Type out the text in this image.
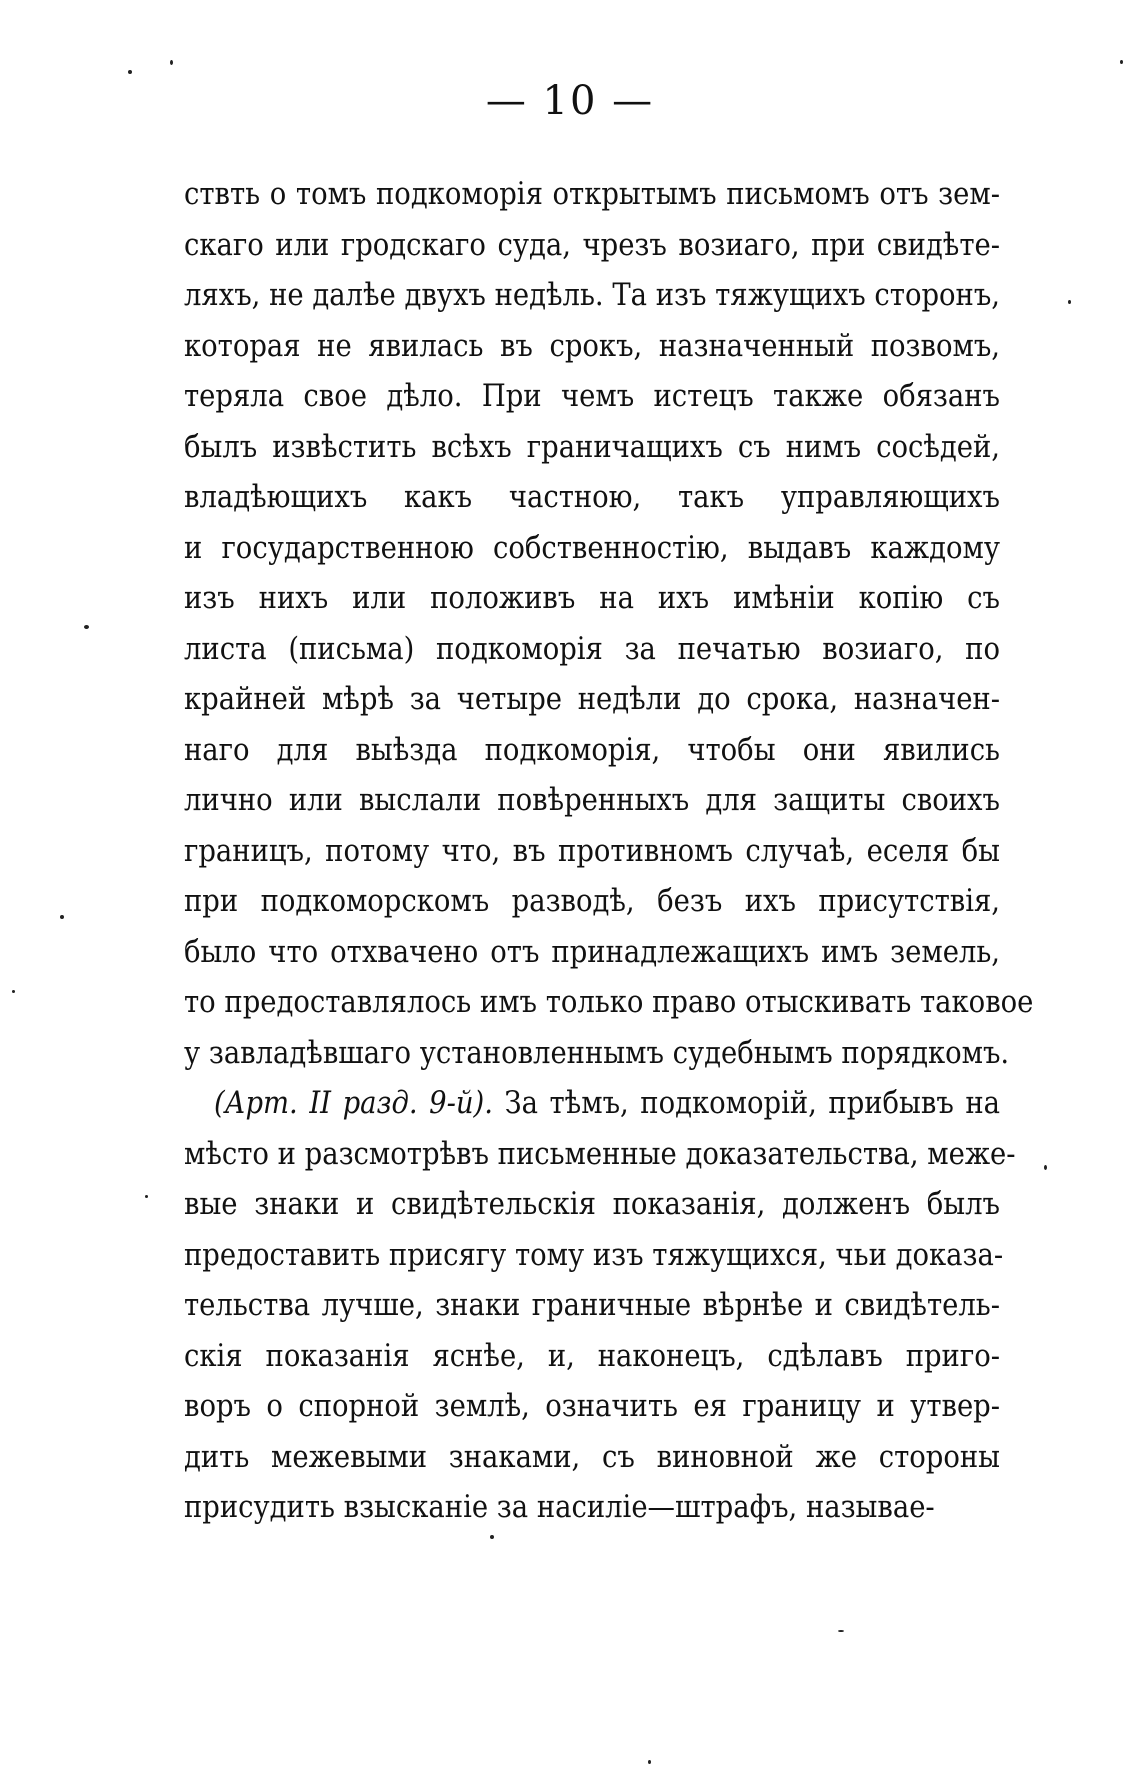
— 10 —
ствть о томъ подкоморія открытымъ письмомъ отъ зем-
скаго или гродскаго суда, чрезъ возиаго, при свидѣте-
ляхъ, не далѣе двухъ недѣль. Та изъ тяжущихъ сторонъ,
которая не явилась въ срокъ, назначенный позвомъ,
теряла свое дѣло. При чемъ истецъ также обязанъ
былъ извѣстить всѣхъ граничащихъ съ нимъ сосѣдей,
владѣющихъ какъ частною, такъ управляющихъ
и государственною собственностію, выдавъ каждому
изъ нихъ или положивъ на ихъ имѣніи копію съ
листа (письма) подкоморія за печатью возиаго, по
крайней мѣрѣ за четыре недѣли до срока, назначен-
наго для выѣзда подкоморія, чтобы они явились
лично или выслали повѣренныхъ для защиты своихъ
границъ, потому что, въ противномъ случаѣ, еселя бы
при подкоморскомъ разводѣ, безъ ихъ присутствія,
было что отхвачено отъ принадлежащихъ имъ земель,
то предоставлялось имъ только право отыскивать таковое
у завладѣвшаго установленнымъ судебнымъ порядкомъ.
(Арт. II разд. 9-й). За тѣмъ, подкоморій, прибывъ на
мѣсто и разсмотрѣвъ письменные доказательства, меже-
вые знаки и свидѣтельскія показанія, долженъ былъ
предоставить присягу тому изъ тяжущихся, чьи доказа-
тельства лучше, знаки граничные вѣрнѣе и свидѣтель-
скія показанія яснѣе, и, наконецъ, сдѣлавъ приго-
воръ о спорной землѣ, означить ея границу и утвер-
дить межевыми знаками, съ виновной же стороны
присудить взысканіе за насиліе—штрафъ, называе-
